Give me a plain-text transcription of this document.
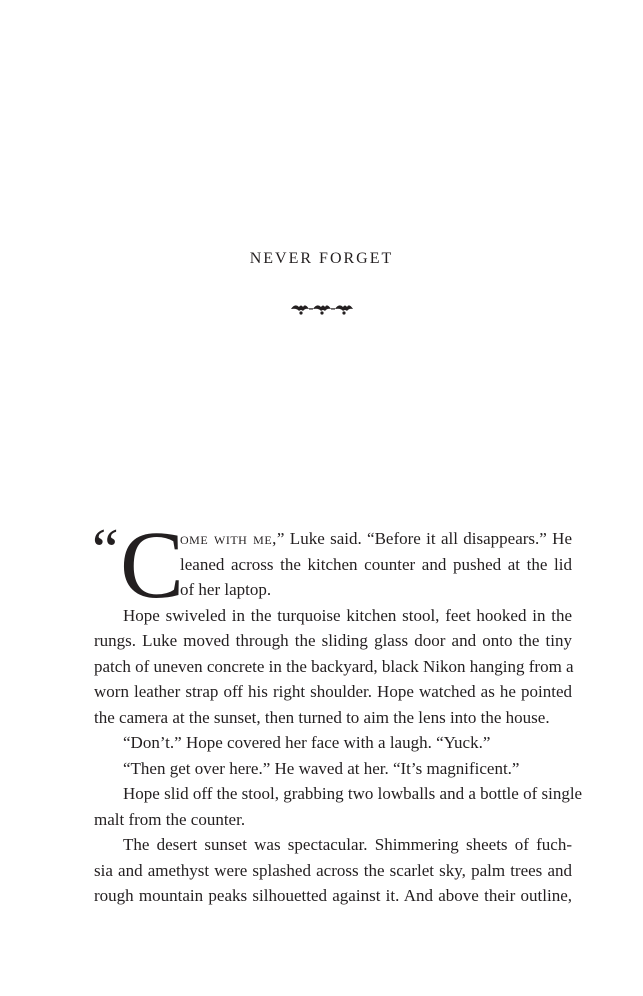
NEVER FORGET
“ C
ome with me,” Luke said. “Before it all disappears.” He
leaned across the kitchen counter and pushed at the lid
of her laptop.
Hope swiveled in the turquoise kitchen stool, feet hooked in the
rungs. Luke moved through the sliding glass door and onto the tiny
patch of uneven concrete in the backyard, black Nikon hanging from a
worn leather strap off his right shoulder. Hope watched as he pointed
the camera at the sunset, then turned to aim the lens into the house.
“Don’t.” Hope covered her face with a laugh. “Yuck.”
“Then get over here.” He waved at her. “It’s magnificent.”
Hope slid off the stool, grabbing two lowballs and a bottle of single
malt from the counter.
The desert sunset was spectacular. Shimmering sheets of fuch-
sia and amethyst were splashed across the scarlet sky, palm trees and
rough mountain peaks silhouetted against it. And above their outline,
